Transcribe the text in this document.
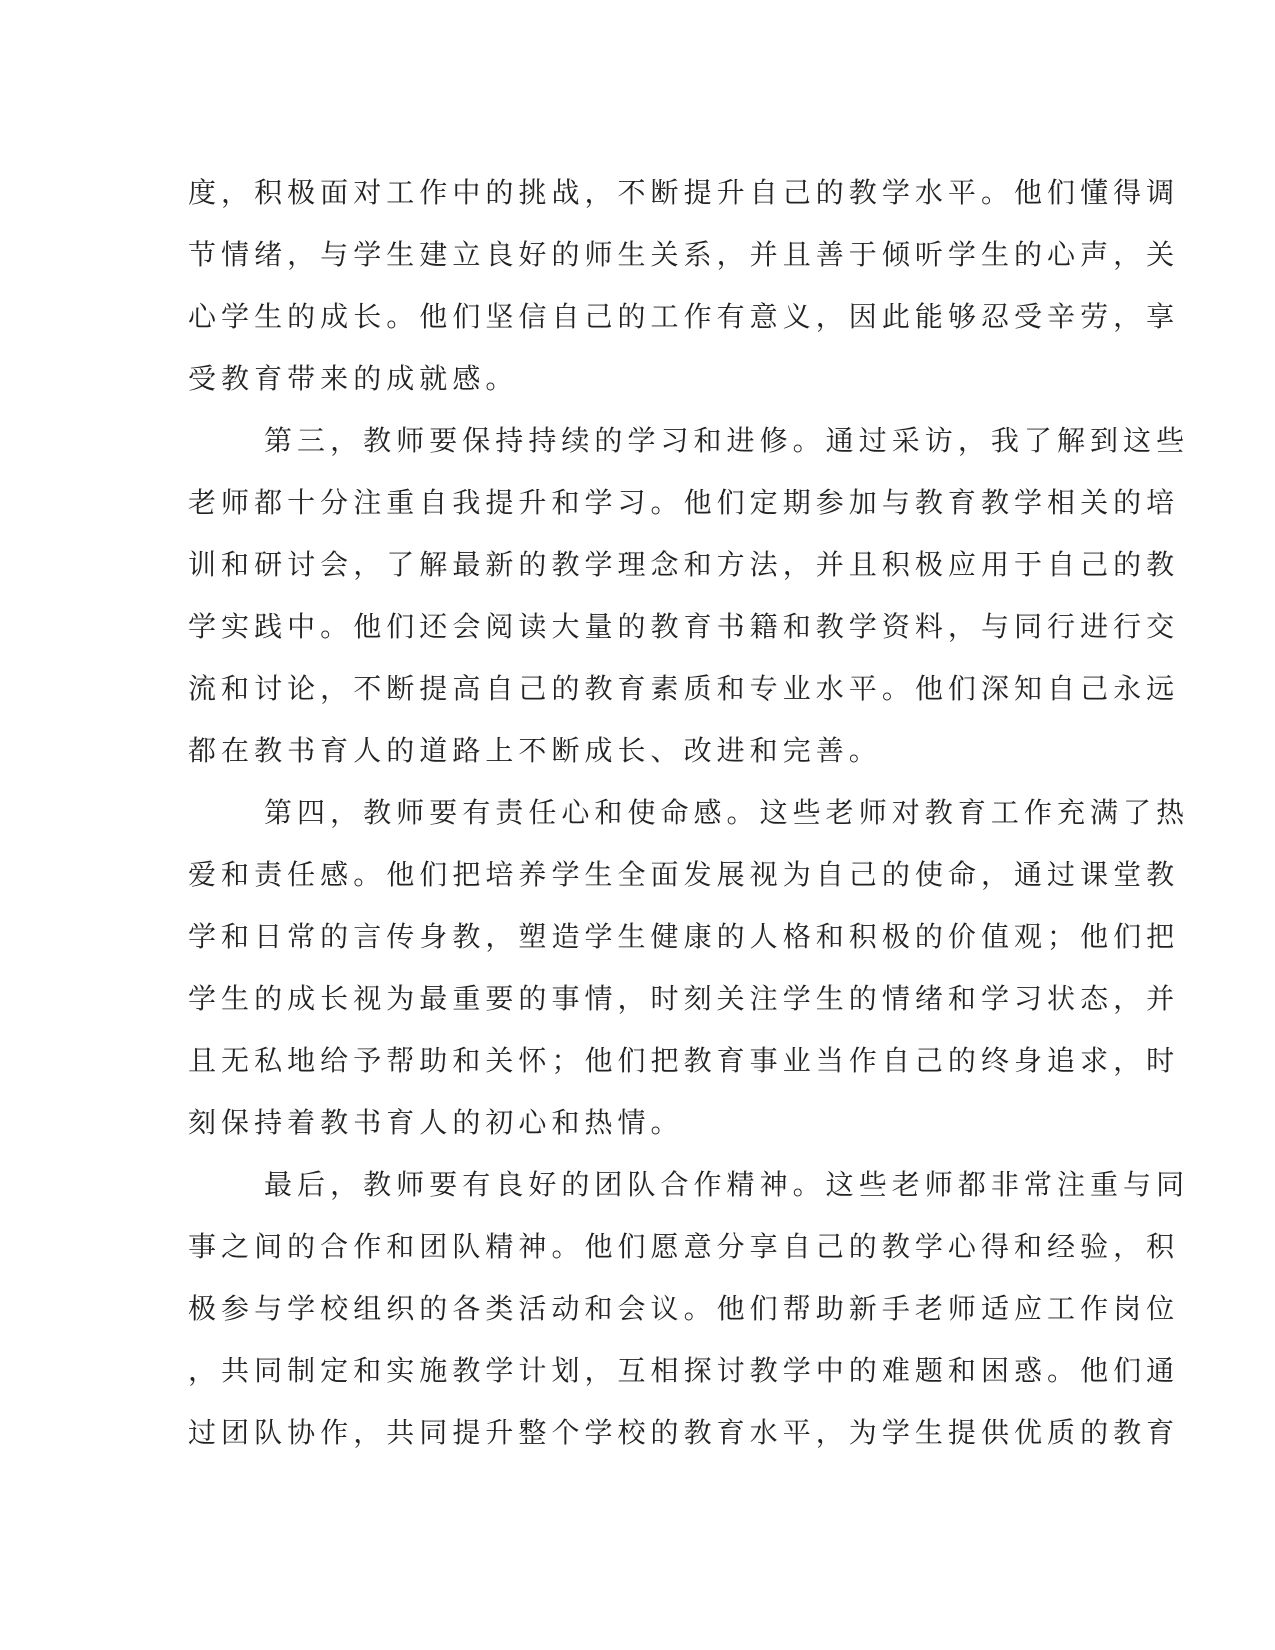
度，积极面对工作中的挑战，不断提升自己的教学水平。他们懂得调
节情绪，与学生建立良好的师生关系，并且善于倾听学生的心声，关
心学生的成长。他们坚信自己的工作有意义，因此能够忍受辛劳，享
受教育带来的成就感。
第三，教师要保持持续的学习和进修。通过采访，我了解到这些
老师都十分注重自我提升和学习。他们定期参加与教育教学相关的培
训和研讨会，了解最新的教学理念和方法，并且积极应用于自己的教
学实践中。他们还会阅读大量的教育书籍和教学资料，与同行进行交
流和讨论，不断提高自己的教育素质和专业水平。他们深知自己永远
都在教书育人的道路上不断成长、改进和完善。
第四，教师要有责任心和使命感。这些老师对教育工作充满了热
爱和责任感。他们把培养学生全面发展视为自己的使命，通过课堂教
学和日常的言传身教，塑造学生健康的人格和积极的价值观；他们把
学生的成长视为最重要的事情，时刻关注学生的情绪和学习状态，并
且无私地给予帮助和关怀；他们把教育事业当作自己的终身追求，时
刻保持着教书育人的初心和热情。
最后，教师要有良好的团队合作精神。这些老师都非常注重与同
事之间的合作和团队精神。他们愿意分享自己的教学心得和经验，积
极参与学校组织的各类活动和会议。他们帮助新手老师适应工作岗位
，共同制定和实施教学计划，互相探讨教学中的难题和困惑。他们通
过团队协作，共同提升整个学校的教育水平，为学生提供优质的教育
